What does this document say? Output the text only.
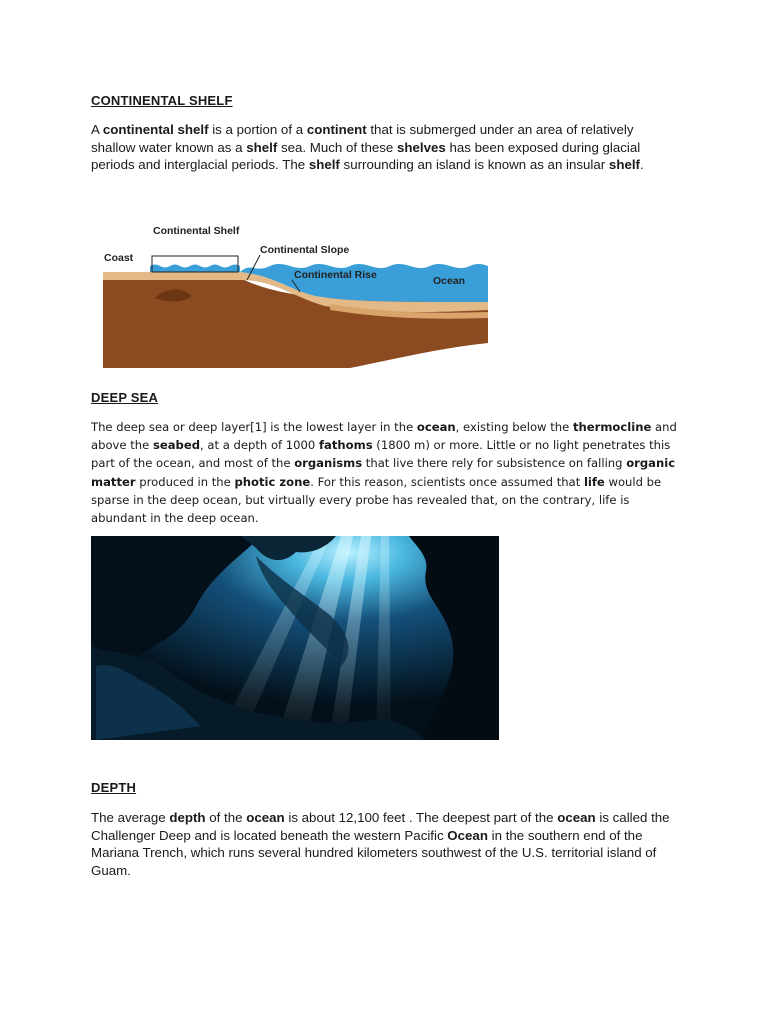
CONTINENTAL SHELF

A continental shelf is a portion of a continent that is submerged under an area of relatively shallow water known as a shelf sea. Much of these shelves has been exposed during glacial periods and interglacial periods. The shelf surrounding an island is known as an insular shelf.

Continental Shelf
Coast
Continental Slope
Continental Rise	Ocean
DEEP SEA

The deep sea or deep layer[1] is the lowest layer in the ocean, existing below the thermocline and above the seabed, at a depth of 1000 fathoms (1800 m) or more. Little or no light penetrates this part of the ocean, and most of the organisms that live there rely for subsistence on falling organic matter produced in the photic zone. For this reason, scientists once assumed that life would be sparse in the deep ocean, but virtually every probe has revealed that, on the contrary, life is abundant in the deep ocean.

DEPTH

The average depth of the ocean is about 12,100 feet . The deepest part of the ocean is called the Challenger Deep and is located beneath the western Pacific Ocean in the southern end of the Mariana Trench, which runs several hundred kilometers southwest of the U.S. territorial island of Guam.
